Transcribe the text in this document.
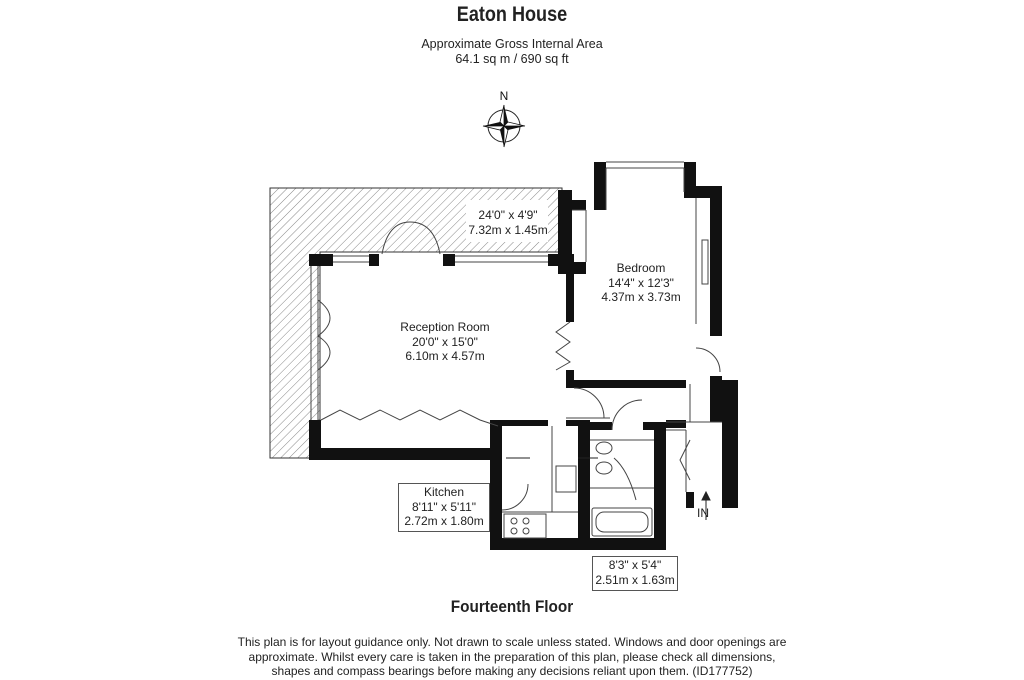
Eaton House
Approximate Gross Internal Area
64.1 sq m / 690 sq ft
N
24'0" x 4'9"
7.32m x 1.45m
Bedroom
14'4" x 12'3"
4.37m x 3.73m
Reception Room
20'0" x 15'0"
6.10m x 4.57m
Kitchen
8'11" x 5'11"
2.72m x 1.80m
8'3" x 5'4"
2.51m x 1.63m
IN
Fourteenth Floor
This plan is for layout guidance only. Not drawn to scale unless stated. Windows and door openings are
approximate. Whilst every care is taken in the preparation of this plan, please check all dimensions,
shapes and compass bearings before making any decisions reliant upon them. (ID177752)
